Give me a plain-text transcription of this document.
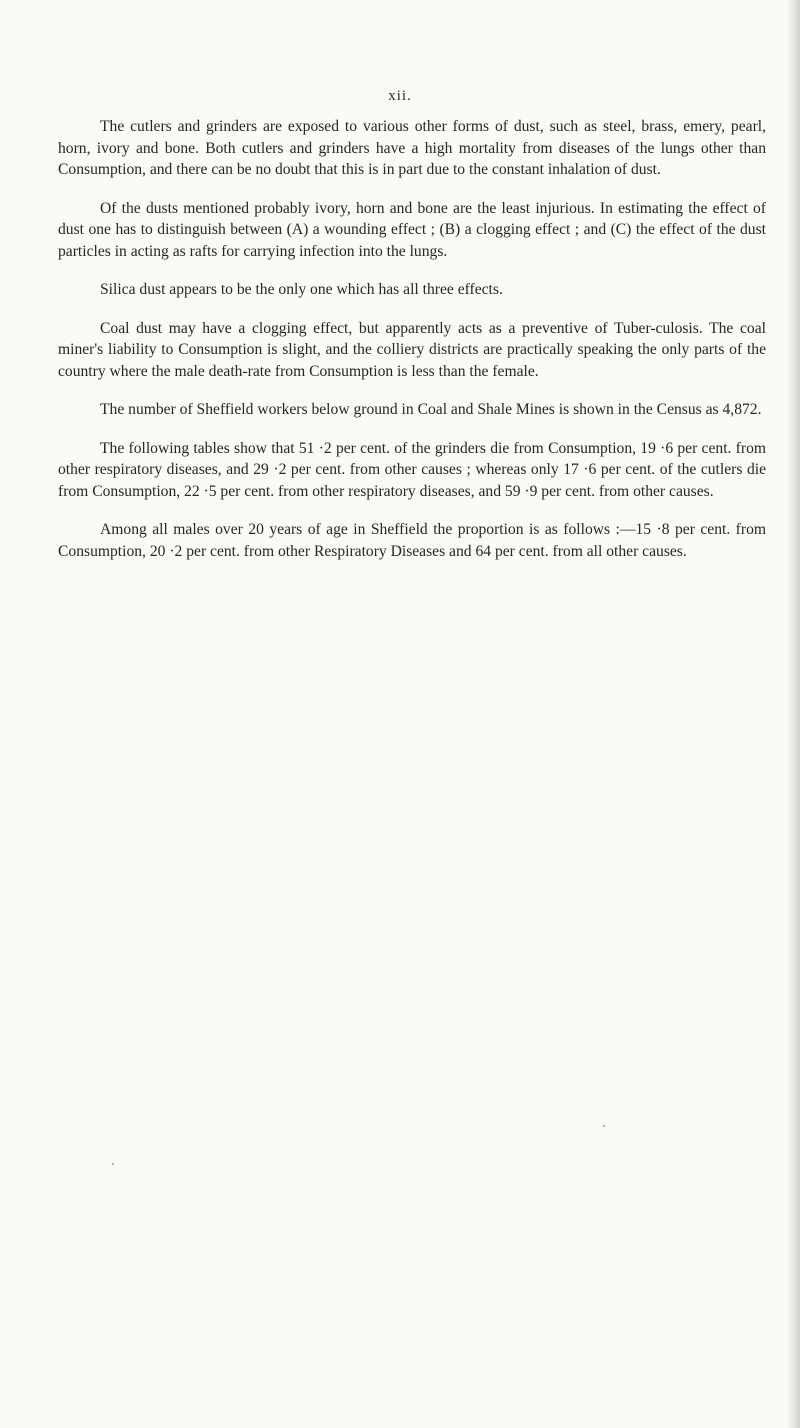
xii.

The cutlers and grinders are exposed to various other forms of dust, such as steel, brass, emery, pearl, horn, ivory and bone. Both cutlers and grinders have a high mortality from diseases of the lungs other than Consumption, and there can be no doubt that this is in part due to the constant inhalation of dust.

Of the dusts mentioned probably ivory, horn and bone are the least injurious. In estimating the effect of dust one has to distinguish between (A) a wounding effect ; (B) a clogging effect ; and (C) the effect of the dust particles in acting as rafts for carrying infection into the lungs.

Silica dust appears to be the only one which has all three effects.

Coal dust may have a clogging effect, but apparently acts as a preventive of Tuber-culosis. The coal miner's liability to Consumption is slight, and the colliery districts are practically speaking the only parts of the country where the male death-rate from Consumption is less than the female.

The number of Sheffield workers below ground in Coal and Shale Mines is shown in the Census as 4,872.

The following tables show that 51 ·2 per cent. of the grinders die from Consumption, 19 ·6 per cent. from other respiratory diseases, and 29 ·2 per cent. from other causes ; whereas only 17 ·6 per cent. of the cutlers die from Consumption, 22 ·5 per cent. from other respiratory diseases, and 59 ·9 per cent. from other causes.

Among all males over 20 years of age in Sheffield the proportion is as follows :—15 ·8 per cent. from Consumption, 20 ·2 per cent. from other Respiratory Diseases and 64 per cent. from all other causes.
